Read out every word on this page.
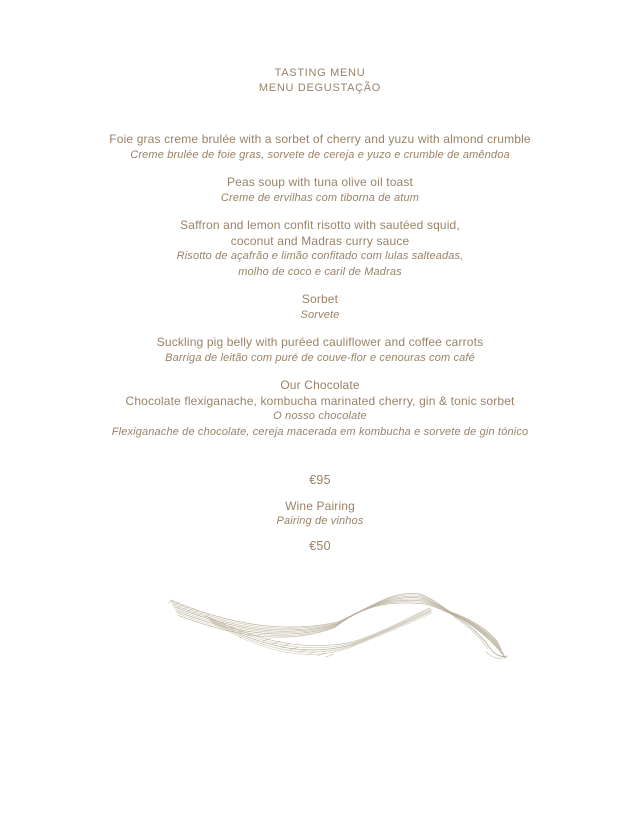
TASTING MENU
MENU DEGUSTAÇÃO

Foie gras creme brulée with a sorbet of cherry and yuzu with almond crumble

Creme brulée de foie gras, sorvete de cereja e yuzo e crumble de amêndoa

Peas soup with tuna olive oil toast

Creme de ervilhas com tiborna de atum

Saffron and lemon confit risotto with sautéed squid,

coconut and Madras curry sauce

Risotto de açafrão e limão confitado com lulas salteadas,

molho de coco e caril de Madras

Sorbet

Sorvete

Suckling pig belly with puréed cauliflower and coffee carrots

Barriga de leitão com puré de couve-flor e cenouras com café

Our Chocolate

Chocolate flexiganache, kombucha marinated cherry, gin & tonic sorbet

O nosso chocolate

Flexiganache de chocolate, cereja macerada em kombucha e sorvete de gin tónico

€95

Wine Pairing

Pairing de vinhos

€50
